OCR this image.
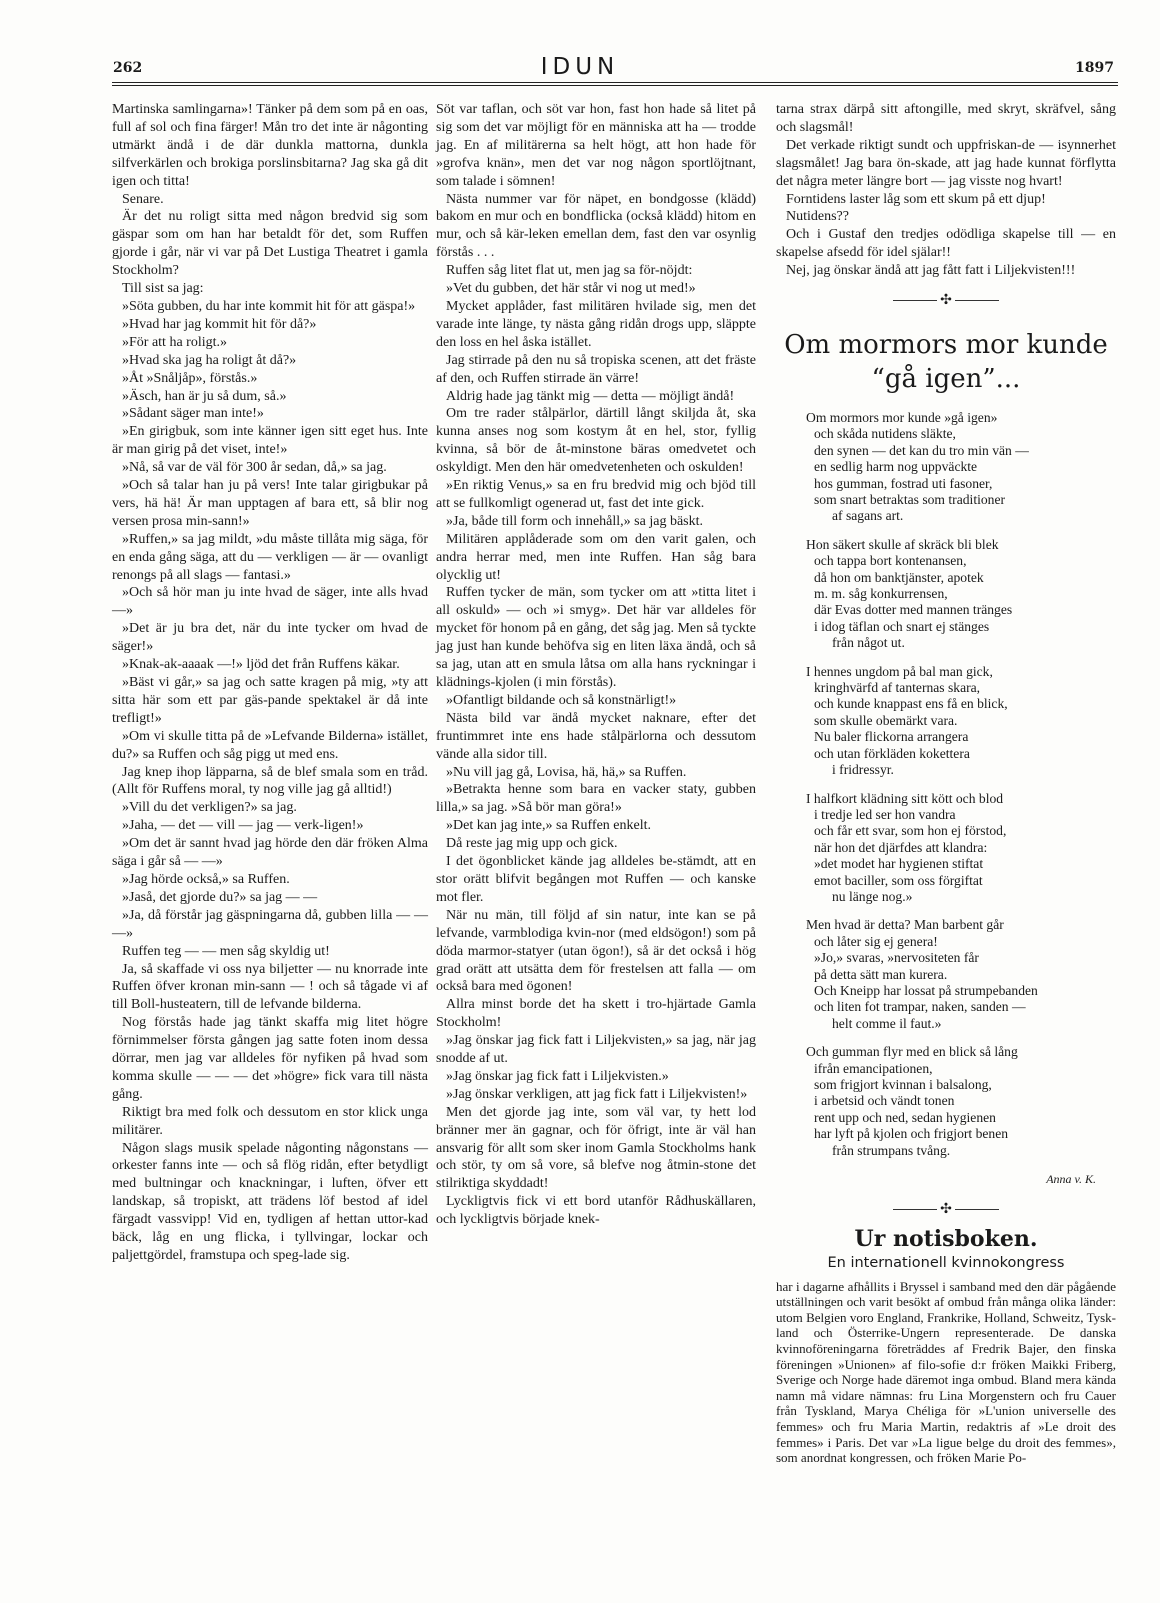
262	IDUN	1897

Martinska samlingarna»! Tänker på dem som på en oas, full af sol och fina färger! Mån tro det inte är någonting utmärkt ändå i de där dunkla mattorna, dunkla silfverkärlen och brokiga porslinsbitarna? Jag ska gå dit igen och titta!

Senare.

Är det nu roligt sitta med någon bredvid sig som gäspar som om han har betaldt för det, som Ruffen gjorde i går, när vi var på Det Lustiga Theatret i gamla Stockholm?

Till sist sa jag:

»Söta gubben, du har inte kommit hit för att gäspa!»

»Hvad har jag kommit hit för då?»

»För att ha roligt.»

»Hvad ska jag ha roligt åt då?»

»Åt »Snåljåp», förstås.»

»Äsch, han är ju så dum, så.»

»Sådant säger man inte!»

»En girigbuk, som inte känner igen sitt eget hus. Inte är man girig på det viset, inte!»

»Nå, så var de väl för 300 år sedan, då,» sa jag.

»Och så talar han ju på vers! Inte talar girigbukar på vers, hä hä! Är man upptagen af bara ett, så blir nog versen prosa min-sann!»

»Ruffen,» sa jag mildt, »du måste tillåta mig säga, för en enda gång säga, att du — verkligen — är — ovanligt renongs på all slags — fantasi.»

»Och så hör man ju inte hvad de säger, inte alls hvad —»

»Det är ju bra det, när du inte tycker om hvad de säger!»

»Knak-ak-aaaak —!» ljöd det från Ruffens käkar.

»Bäst vi går,» sa jag och satte kragen på mig, »ty att sitta här som ett par gäs-pande spektakel är då inte trefligt!»

»Om vi skulle titta på de »Lefvande Bilderna» istället, du?» sa Ruffen och såg pigg ut med ens.

Jag knep ihop läpparna, så de blef smala som en tråd. (Allt för Ruffens moral, ty nog ville jag gå alltid!)

»Vill du det verkligen?» sa jag.

»Jaha, — det — vill — jag — verk-ligen!»

»Om det är sannt hvad jag hörde den där fröken Alma säga i går så — —»

»Jag hörde också,» sa Ruffen.

»Jaså, det gjorde du?» sa jag — —

»Ja, då förstår jag gäspningarna då, gubben lilla — — —»

Ruffen teg — — men såg skyldig ut!

Ja, så skaffade vi oss nya biljetter — nu knorrade inte Ruffen öfver kronan min-sann — ! och så tågade vi af till Boll-husteatern, till de lefvande bilderna.

Nog förstås hade jag tänkt skaffa mig litet högre förnimmelser första gången jag satte foten inom dessa dörrar, men jag var alldeles för nyfiken på hvad som komma skulle — — — det »högre» fick vara till nästa gång.

Riktigt bra med folk och dessutom en stor klick unga militärer.

Någon slags musik spelade någonting någonstans — orkester fanns inte — och så flög ridån, efter betydligt med bultningar och knackningar, i luften, öfver ett landskap, så tropiskt, att trädens löf bestod af idel färgadt vassvipp! Vid en, tydligen af hettan uttor-kad bäck, låg en ung flicka, i tyllvingar, lockar och paljettgördel, framstupa och speg-lade sig.

Söt var taflan, och söt var hon, fast hon hade så litet på sig som det var möjligt för en människa att ha — trodde jag. En af militärerna sa helt högt, att hon hade för »grofva knän», men det var nog någon sportlöjtnant, som talade i sömnen!

Nästa nummer var för näpet, en bondgosse (klädd) bakom en mur och en bondflicka (också klädd) hitom en mur, och så kär-leken emellan dem, fast den var osynlig förstås . . .

Ruffen såg litet flat ut, men jag sa för-nöjdt:

»Vet du gubben, det här står vi nog ut med!»

Mycket applåder, fast militären hvilade sig, men det varade inte länge, ty nästa gång ridån drogs upp, släppte den loss en hel åska istället.

Jag stirrade på den nu så tropiska scenen, att det fräste af den, och Ruffen stirrade än värre!

Aldrig hade jag tänkt mig — detta — möjligt ändå!

Om tre rader stålpärlor, därtill långt skiljda åt, ska kunna anses nog som kostym åt en hel, stor, fyllig kvinna, så bör de åt-minstone bäras omedvetet och oskyldigt. Men den här omedvetenheten och oskulden!

»En riktig Venus,» sa en fru bredvid mig och bjöd till att se fullkomligt ogenerad ut, fast det inte gick.

»Ja, både till form och innehåll,» sa jag bäskt.

Militären applåderade som om den varit galen, och andra herrar med, men inte Ruffen. Han såg bara olycklig ut!

Ruffen tycker de män, som tycker om att »titta litet i all oskuld» — och »i smyg». Det här var alldeles för mycket för honom på en gång, det såg jag. Men så tyckte jag just han kunde behöfva sig en liten läxa ändå, och så sa jag, utan att en smula låtsa om alla hans ryckningar i klädnings-kjolen (i min förstås).

»Ofantligt bildande och så konstnärligt!»

Nästa bild var ändå mycket naknare, efter det fruntimmret inte ens hade stålpärlorna och dessutom vände alla sidor till.

»Nu vill jag gå, Lovisa, hä, hä,» sa Ruffen.

»Betrakta henne som bara en vacker staty, gubben lilla,» sa jag. »Så bör man göra!»

»Det kan jag inte,» sa Ruffen enkelt.

Då reste jag mig upp och gick.

I det ögonblicket kände jag alldeles be-stämdt, att en stor orätt blifvit begången mot Ruffen — och kanske mot fler.

När nu män, till följd af sin natur, inte kan se på lefvande, varmblodiga kvin-nor (med eldsögon!) som på döda marmor-statyer (utan ögon!), så är det också i hög grad orätt att utsätta dem för frestelsen att falla — om också bara med ögonen!

Allra minst borde det ha skett i tro-hjärtade Gamla Stockholm!

»Jag önskar jag fick fatt i Liljekvisten,» sa jag, när jag snodde af ut.

»Jag önskar jag fick fatt i Liljekvisten.»

»Jag önskar verkligen, att jag fick fatt i Liljekvisten!»

Men det gjorde jag inte, som väl var, ty hett lod bränner mer än gagnar, och för öfrigt, inte är väl han ansvarig för allt som sker inom Gamla Stockholms hank och stör, ty om så vore, så blefve nog åtmin-stone det stilriktiga skyddadt!

Lyckligtvis fick vi ett bord utanför Rådhuskällaren, och lyckligtvis började knek-

tarna strax därpå sitt aftongille, med skryt, skräfvel, sång och slagsmål!

Det verkade riktigt sundt och uppfriskan-de — isynnerhet slagsmålet! Jag bara ön-skade, att jag hade kunnat förflytta det några meter längre bort — jag visste nog hvart!

Forntidens laster låg som ett skum på ett djup!

Nutidens??

Och i Gustaf den tredjes odödliga skapelse till — en skapelse afsedd för idel själar!!

Nej, jag önskar ändå att jag fått fatt i Liljekvisten!!!

✣
Om mormors mor kunde
“gå igen”...
Om mormors mor kunde »gå igen»
och skåda nutidens släkte,
den synen — det kan du tro min vän —
en sedlig harm nog uppväckte
hos gumman, fostrad uti fasoner,
som snart betraktas som traditioner
af sagans art.
Hon säkert skulle af skräck bli blek
och tappa bort kontenansen,
då hon om banktjänster, apotek
m. m. såg konkurrensen,
där Evas dotter med mannen tränges
i idog täflan och snart ej stänges
från något ut.
I hennes ungdom på bal man gick,
kringhvärfd af tanternas skara,
och kunde knappast ens få en blick,
som skulle obemärkt vara.
Nu baler flickorna arrangera
och utan förkläden kokettera
i fridressyr.
I halfkort klädning sitt kött och blod
i tredje led ser hon vandra
och får ett svar, som hon ej förstod,
när hon det djärfdes att klandra:
»det modet har hygienen stiftat
emot baciller, som oss förgiftat
nu länge nog.»
Men hvad är detta? Man barbent går
och låter sig ej genera!
»Jo,» svaras, »nervositeten får
på detta sätt man kurera.
Och Kneipp har lossat på strumpebanden
och liten fot trampar, naken, sanden —
helt comme il faut.»
Och gumman flyr med en blick så lång
ifrån emancipationen,
som frigjort kvinnan i balsalong,
i arbetsid och vändt tonen
rent upp och ned, sedan hygienen
har lyft på kjolen och frigjort benen
från strumpans tvång.
Anna v. K.
✣
Ur notisboken.
En internationell kvinnokongress

har i dagarne afhållits i Bryssel i samband med den där pågående utställningen och varit besökt af ombud från många olika länder: utom Belgien voro England, Frankrike, Holland, Schweitz, Tysk-land och Österrike-Ungern representerade. De danska kvinnoföreningarna företräddes af Fredrik Bajer, den finska föreningen »Unionen» af filo-sofie d:r fröken Maikki Friberg, Sverige och Norge hade däremot inga ombud. Bland mera kända namn må vidare nämnas: fru Lina Morgenstern och fru Cauer från Tyskland, Marya Chéliga för »L'union universelle des femmes» och fru Maria Martin, redaktris af »Le droit des femmes» i Paris. Det var »La ligue belge du droit des femmes», som anordnat kongressen, och fröken Marie Po-
